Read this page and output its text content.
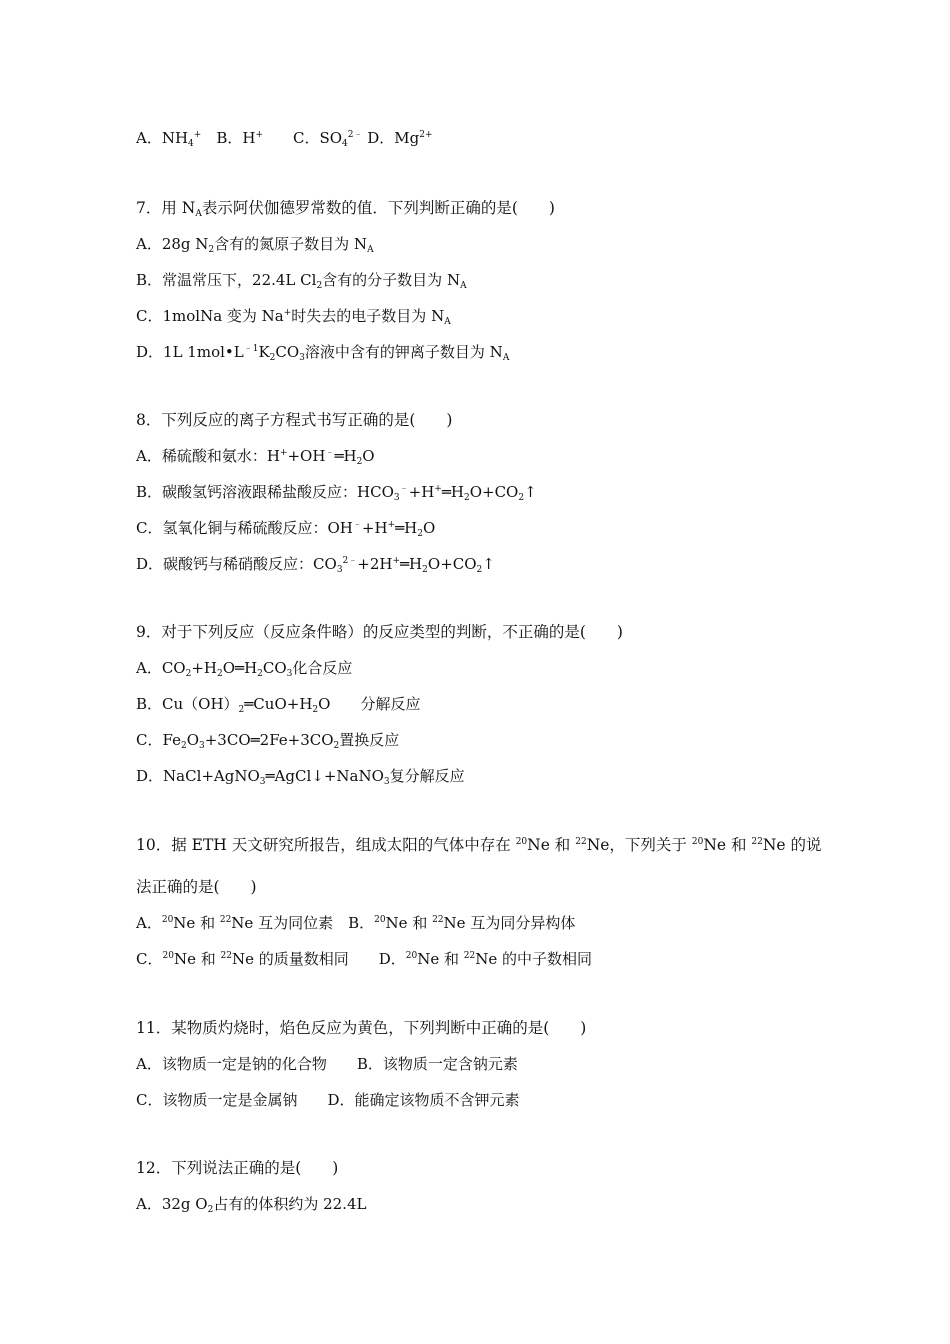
A．$NH_4^+$　B．H+　　C．$SO_4^{2﹣}$ D．$Mg^{2+}$
7．用 $N_A$表示阿伏伽德罗常数的值．下列判断正确的是(　　)
A．28g $N_2$含有的氮原子数目为 $N_A$
B．常温常压下，22.4L $Cl_2$含有的分子数目为 $N_A$
C．1molNa 变为 Na+时失去的电子数目为 $N_A$
D．1L $1mol•L^{﹣1}K_2CO_3$溶液中含有的钾离子数目为 $N_A$
8．下列反应的离子方程式书写正确的是(　　)
A．稀硫酸和氨水：$H^++OH^﹣═H_2O$
B．碳酸氢钙溶液跟稀盐酸反应：$HCO_3^﹣+H^+═H_2O+CO_2↑$
C．氢氧化铜与稀硫酸反应：$OH^﹣+H^+═H_2O$
D．碳酸钙与稀硝酸反应：$CO_3^{2﹣}+2H^+═H_2O+CO_2↑$
9．对于下列反应（反应条件略）的反应类型的判断，不正确的是(　　)
A．$CO_2+H_2O═H_2CO_3$化合反应
B．$Cu(OH)_2═CuO+H_2O$　　分解反应
C．$Fe_2O_3+3CO═2Fe+3CO_2$置换反应
D．NaCl+AgNO$_3$═AgCl↓+NaNO$_3$复分解反应
10．据 ETH 天文研究所报告，组成太阳的气体中存在 $^{20}$Ne 和 $^{22}$Ne，下列关于 $^{20}$Ne 和 $^{22}$Ne 的说
法正确的是(　　)
A．$^{20}$Ne 和 $^{22}$Ne 互为同位素　B．$^{20}$Ne 和 $^{22}$Ne 互为同分异构体
C．$^{20}$Ne 和 $^{22}$Ne 的质量数相同　　D．$^{20}$Ne 和 $^{22}$Ne 的中子数相同
11．某物质灼烧时，焰色反应为黄色，下列判断中正确的是(　　)
A．该物质一定是钠的化合物　　B．该物质一定含钠元素
C．该物质一定是金属钠　　D．能确定该物质不含钾元素
12．下列说法正确的是(　　)
A．32g $O_2$占有的体积约为 22.4L
